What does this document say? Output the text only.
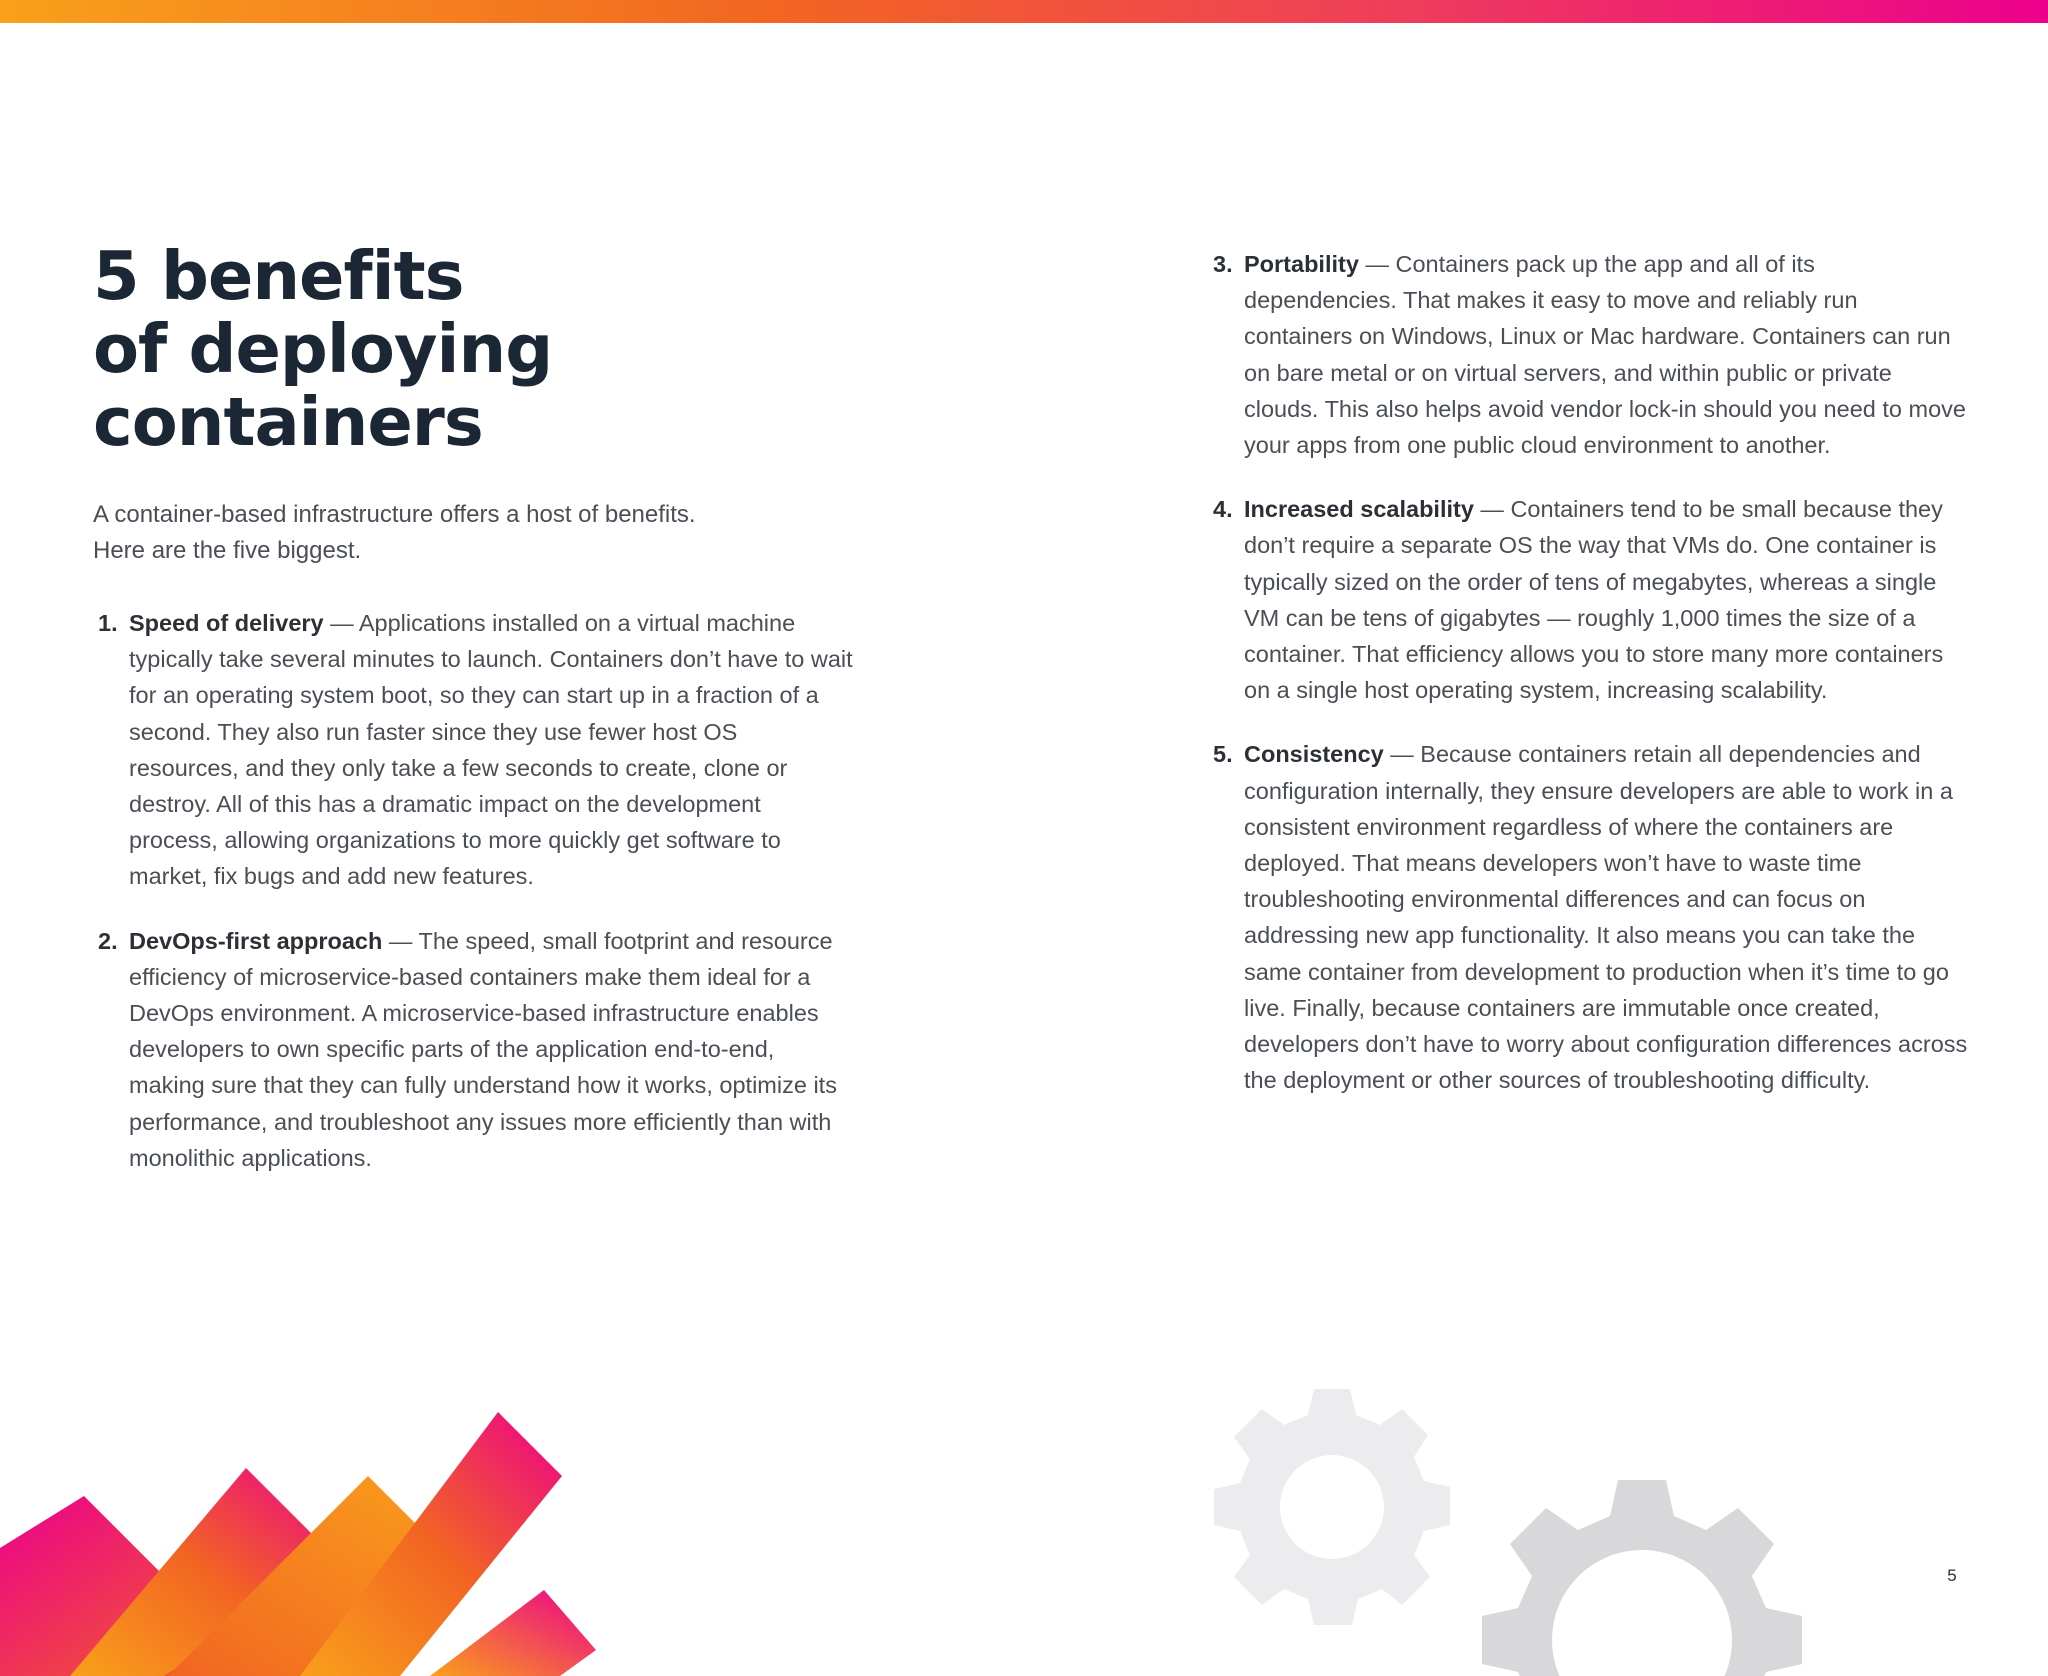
5 benefits
of deploying
containers

A container-based infrastructure offers a host of benefits.
Here are the five biggest.

1. Speed of delivery — Applications installed on a virtual machine typically take several minutes to launch. Containers don’t have to wait for an operating system boot, so they can start up in a fraction of a second. They also run faster since they use fewer host OS resources, and they only take a few seconds to create, clone or destroy. All of this has a dramatic impact on the development process, allowing organizations to more quickly get software to market, fix bugs and add new features.
2. DevOps-first approach — The speed, small footprint and resource efficiency of microservice-based containers make them ideal for a DevOps environment. A microservice-based infrastructure enables developers to own specific parts of the application end-to-end, making sure that they can fully understand how it works, optimize its performance, and troubleshoot any issues more efficiently than with monolithic applications.
3. Portability — Containers pack up the app and all of its dependencies. That makes it easy to move and reliably run containers on Windows, Linux or Mac hardware. Containers can run on bare metal or on virtual servers, and within public or private clouds. This also helps avoid vendor lock-in should you need to move your apps from one public cloud environment to another.
4. Increased scalability — Containers tend to be small because they don’t require a separate OS the way that VMs do. One container is typically sized on the order of tens of megabytes, whereas a single VM can be tens of gigabytes — roughly 1,000 times the size of a container. That efficiency allows you to store many more containers on a single host operating system, increasing scalability.
5. Consistency — Because containers retain all dependencies and configuration internally, they ensure developers are able to work in a consistent environment regardless of where the containers are deployed. That means developers won’t have to waste time troubleshooting environmental differences and can focus on addressing new app functionality. It also means you can take the same container from development to production when it’s time to go live. Finally, because containers are immutable once created, developers don’t have to worry about configuration differences across the deployment or other sources of troubleshooting difficulty.
5
